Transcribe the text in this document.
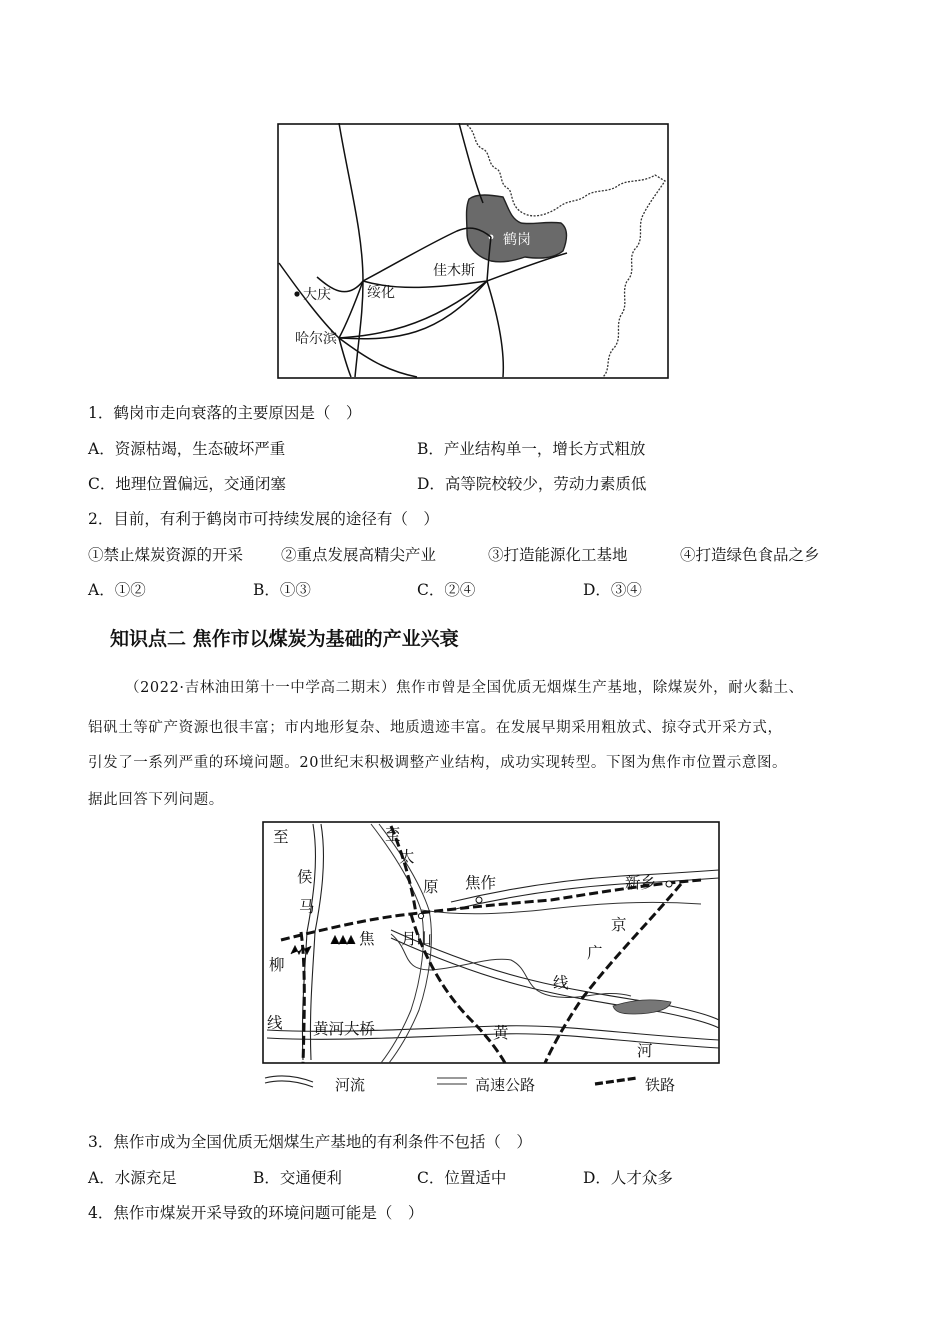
鹤岗
大庆	绥化
佳木斯
哈尔滨
1．鹤岗市走向衰落的主要原因是（　）
A．资源枯竭，生态破坏严重	B．产业结构单一，增长方式粗放
C．地理位置偏远，交通闭塞	D．高等院校较少，劳动力素质低
2．目前，有利于鹤岗市可持续发展的途径有（　）
①禁止煤炭资源的开采 ②重点发展高精尖产业	③打造能源化工基地	④打造绿色食品之乡
A．①②	B．①③	C．②④	D．③④
知识点二 焦作市以煤炭为基础的产业兴衰
（2022·吉林油田第十一中学高二期末）焦作市曾是全国优质无烟煤生产基地，除煤炭外，耐火黏土、
铝矾土等矿产资源也很丰富；市内地形复杂、地质遗迹丰富。在发展早期采用粗放式、掠夺式开采方式，
引发了一系列严重的环境问题。20世纪末积极调整产业结构，成功实现转型。下图为焦作市位置示意图。
据此回答下列问题。
至
侯
马
柳
线
至
太
原 焦作
焦 月山
新乡
京
广
线
黄河大桥	黄
河
河流	高速公路	铁路
3．焦作市成为全国优质无烟煤生产基地的有利条件不包括（　）
A．水源充足	B．交通便利	C．位置适中	D．人才众多
4．焦作市煤炭开采导致的环境问题可能是（　）
